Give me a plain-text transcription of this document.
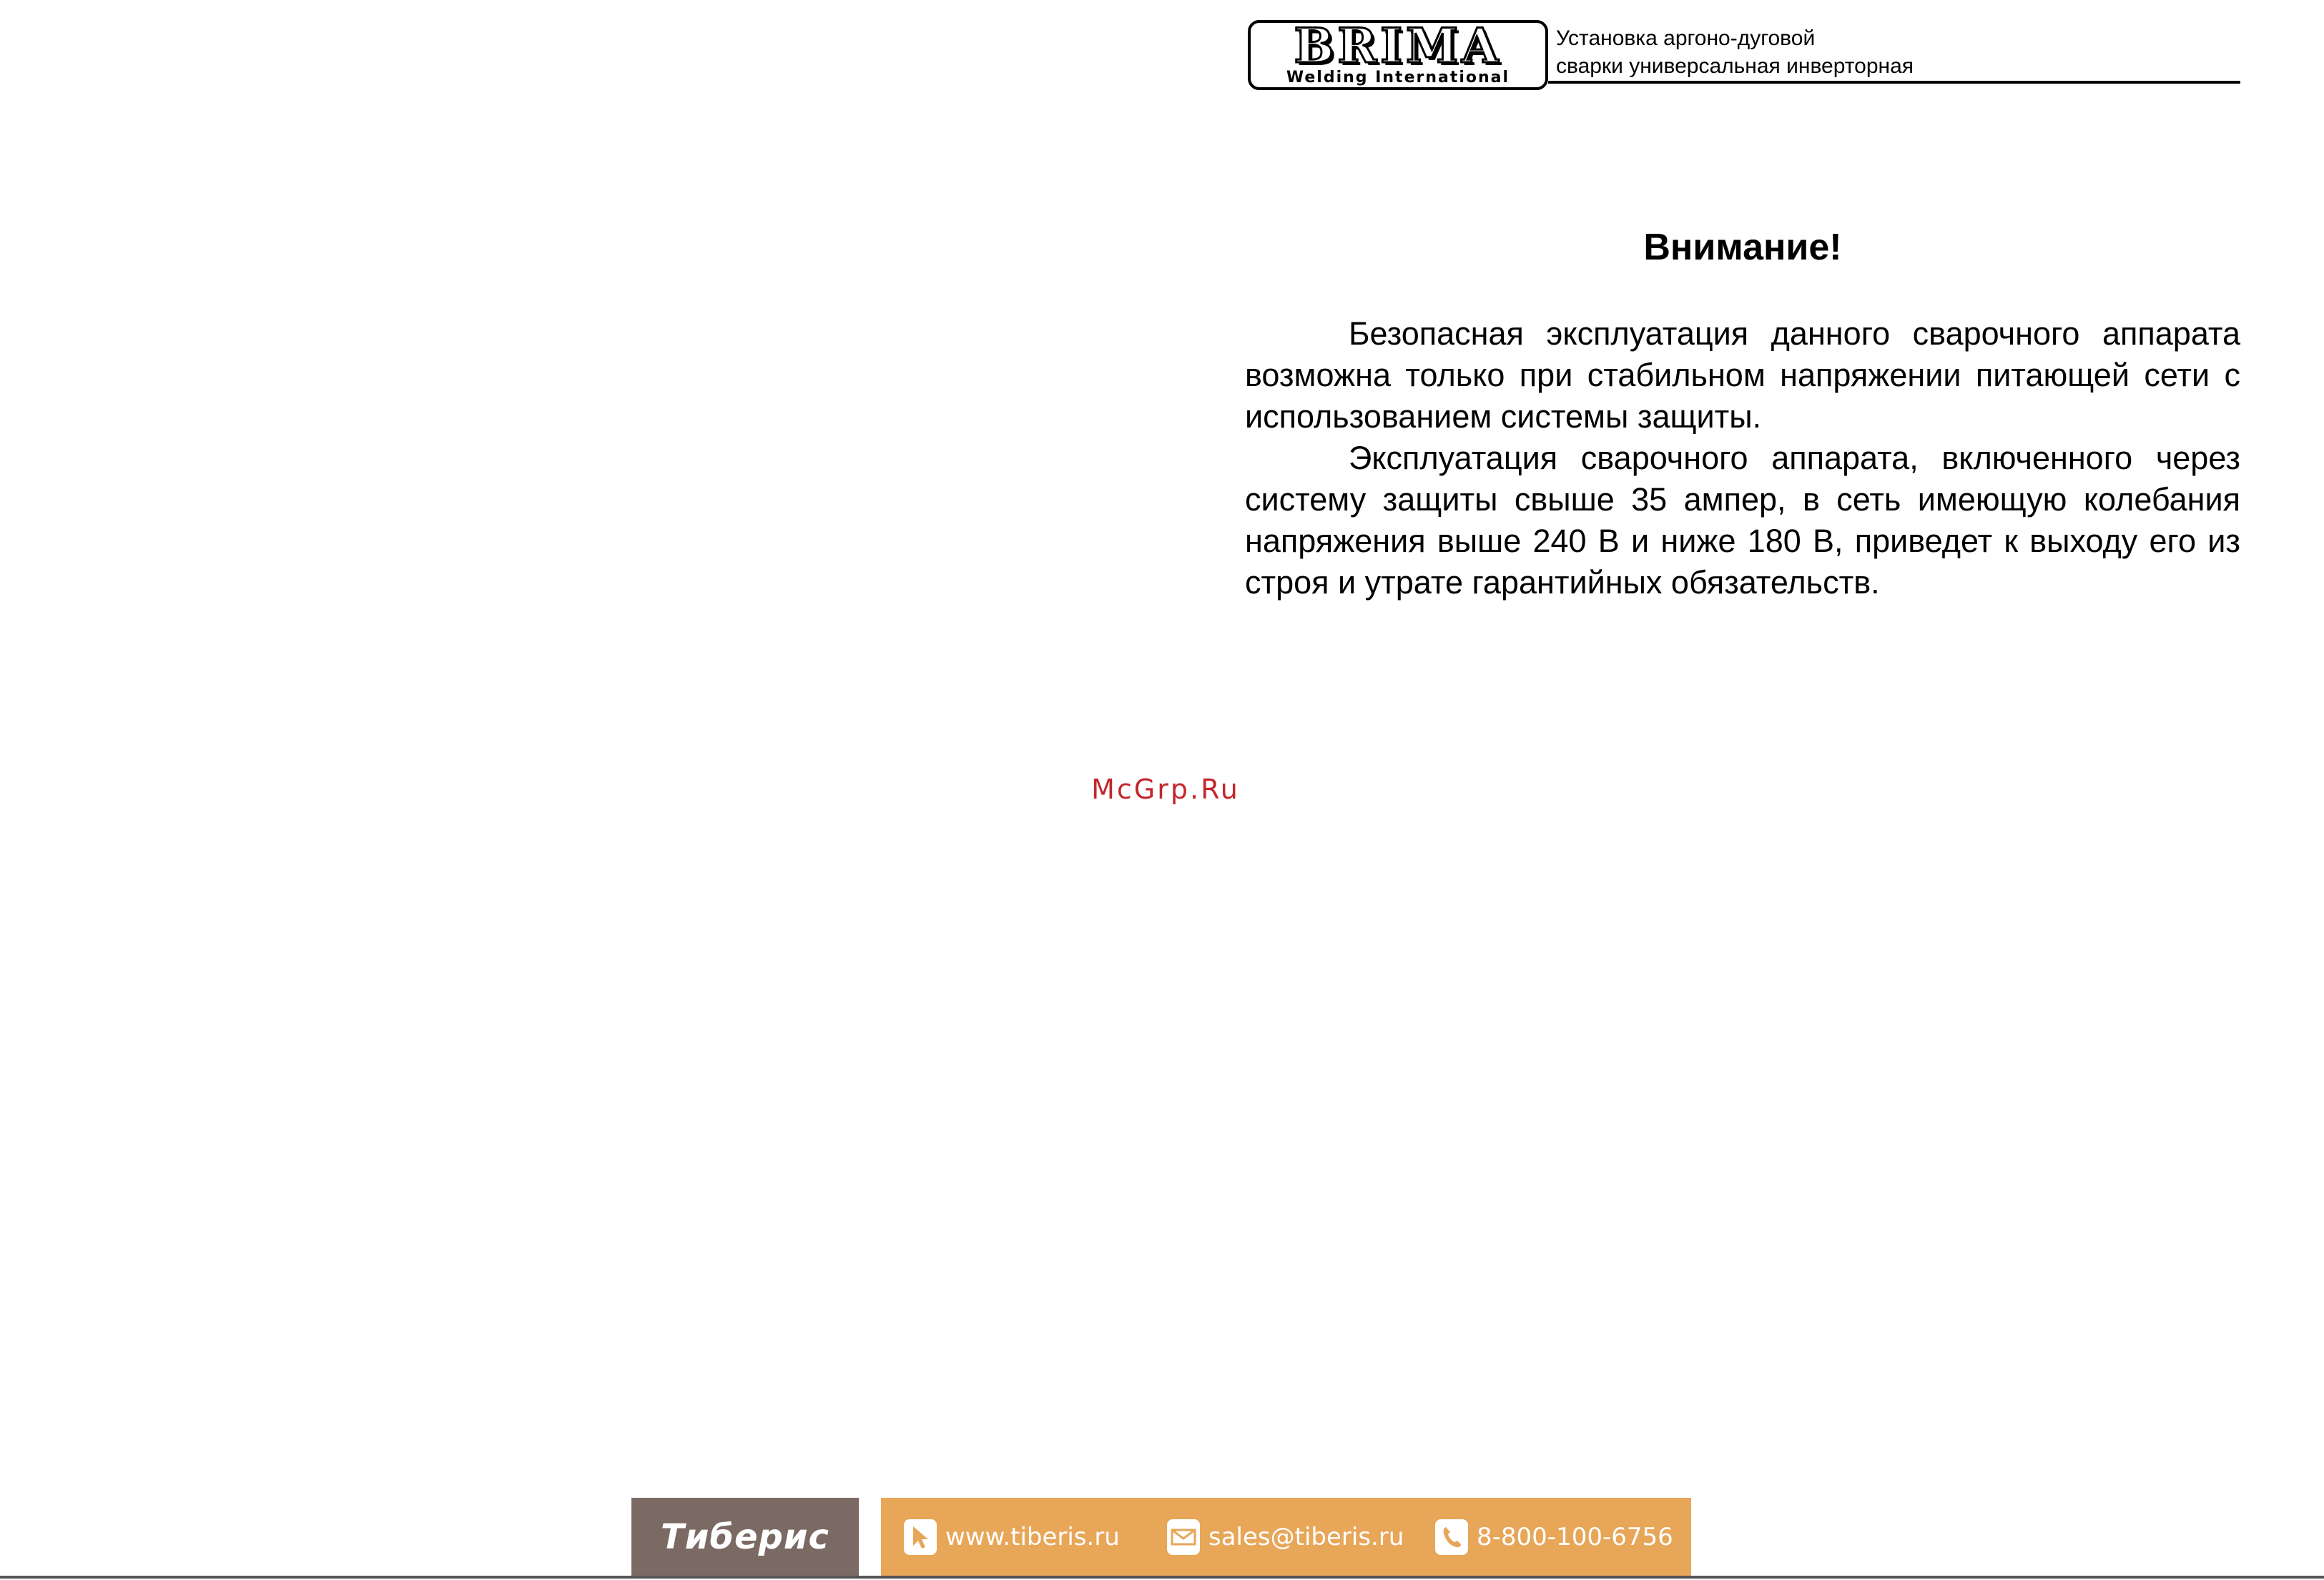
BRIMA
Welding International
Установка аргоно-дуговой
сварки универсальная инверторная
Внимание!

Безопасная эксплуатация данного сварочного аппарата возможна только при стабильном напряжении питающей сети с использованием системы защиты.

Эксплуатация сварочного аппарата, включенного через систему защиты свыше 35 ампер, в сеть имеющую колебания напряжения выше 240 В и ниже 180 В, приведет к выходу его из строя и утрате гарантийных обязательств.

McGrp.Ru
Тиберис	www.tiberis.ru	sales@tiberis.ru	8-800-100-6756
